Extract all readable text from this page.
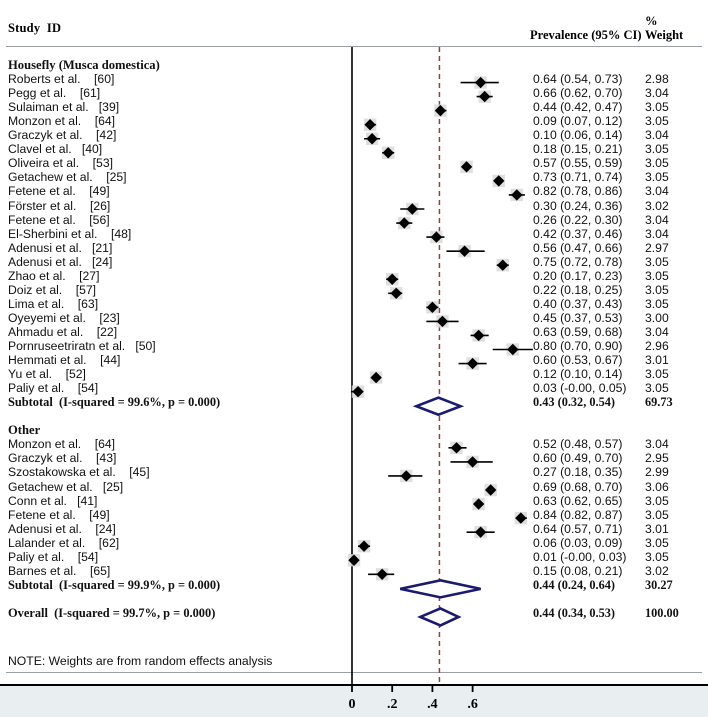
Study  ID	Prevalence (95% CI)
%
Weight
Housefly (Musca domestica)
Roberts et al.    [60]	0.64 (0.54, 0.73) 2.98
Pegg et al.    [61]	0.66 (0.62, 0.70) 3.04
Sulaiman et al.   [39]	0.44 (0.42, 0.47) 3.05
Monzon et al.    [64]	0.09 (0.07, 0.12) 3.05
Graczyk et al.    [42]	0.10 (0.06, 0.14) 3.04
Clavel et al.   [40]	0.18 (0.15, 0.21) 3.05
Oliveira et al.    [53]	0.57 (0.55, 0.59) 3.05
Getachew et al.    [25]	0.73 (0.71, 0.74) 3.05
Fetene et al.    [49]	0.82 (0.78, 0.86) 3.04
Förster et al.    [26]	0.30 (0.24, 0.36) 3.02
Fetene et al.    [56]	0.26 (0.22, 0.30) 3.04
El-Sherbini et al.    [48]	0.42 (0.37, 0.46) 3.04
Adenusi et al.   [21]	0.56 (0.47, 0.66) 2.97
Adenusi et al.   [24]	0.75 (0.72, 0.78) 3.05
Zhao et al.    [27]	0.20 (0.17, 0.23) 3.05
Doiz et al.    [57]	0.22 (0.18, 0.25) 3.05
Lima et al.    [63]	0.40 (0.37, 0.43) 3.05
Oyeyemi et al.    [23]	0.45 (0.37, 0.53) 3.00
Ahmadu et al.    [22]	0.63 (0.59, 0.68) 3.04
Pornruseetriratn et al.   [50]	0.80 (0.70, 0.90) 2.96
Hemmati et al.    [44]	0.60 (0.53, 0.67) 3.01
Yu et al.    [52]	0.12 (0.10, 0.14) 3.05
Paliy et al.    [54]	0.03 (-0.00, 0.05) 3.05
Subtotal  (I-squared = 99.6%, p = 0.000)	0.43 (0.32, 0.54) 69.73
Other
Monzon et al.    [64]	0.52 (0.48, 0.57) 3.04
Graczyk et al.    [43]	0.60 (0.49, 0.70) 2.95
Szostakowska et al.    [45]	0.27 (0.18, 0.35) 2.99
Getachew et al.   [25]	0.69 (0.68, 0.70) 3.06
Conn et al.   [41]	0.63 (0.62, 0.65) 3.05
Fetene et al.    [49]	0.84 (0.82, 0.87) 3.05
Adenusi et al.    [24]	0.64 (0.57, 0.71) 3.01
Lalander et al.    [62]	0.06 (0.03, 0.09) 3.05
Paliy et al.    [54]	0.01 (-0.00, 0.03) 3.05
Barnes et al.    [65]	0.15 (0.08, 0.21) 3.02
Subtotal  (I-squared = 99.9%, p = 0.000)	0.44 (0.24, 0.64) 30.27
Overall  (I-squared = 99.7%, p = 0.000)	0.44 (0.34, 0.53) 100.00
NOTE: Weights are from random effects analysis
0 .2 .4 .6
